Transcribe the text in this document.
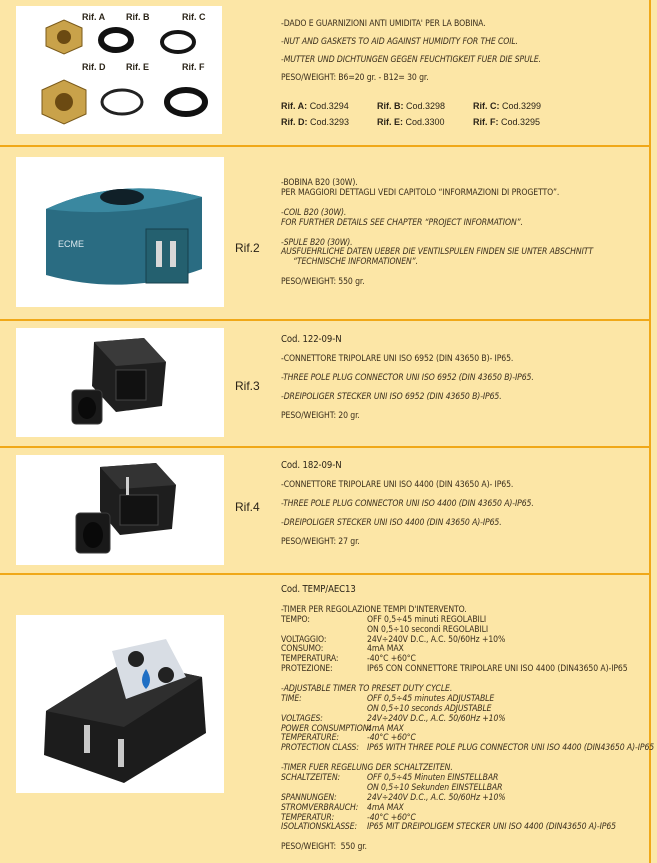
Rif. A Rif. B	Rif. C
Rif. D Rif. E	Rif. F

-DADO E GUARNIZIONI ANTI UMIDITA' PER LA BOBINA.

-NUT AND GASKETS TO AID AGAINST HUMIDITY FOR THE COIL.

-MUTTER UND DICHTUNGEN GEGEN FEUCHTIGKEIT FUER DIE SPULE.

PESO/WEIGHT: B6=20 gr. - B12= 30 gr.

Rif. A: Cod.3294	Rif. B: Cod.3298	Rif. C: Cod.3299
Rif. D: Cod.3293	Rif. E: Cod.3300	Rif. F: Cod.3295
ECME	Rif.2

-BOBINA B20 (30W).

PER MAGGIORI DETTAGLI VEDI CAPITOLO “INFORMAZIONI DI PROGETTO”.

-COIL B20 (30W).

FOR FURTHER DETAILS SEE CHAPTER “PROJECT INFORMATION”.

-SPULE B20 (30W).

AUSFUEHRLICHE DATEN UEBER DIE VENTILSPULEN FINDEN SIE UNTER ABSCHNITT

“TECHNISCHE INFORMATIONEN”.

PESO/WEIGHT: 550 gr.

Rif.3

Cod. 122-09-N

-CONNETTORE TRIPOLARE UNI ISO 6952 (DIN 43650 B)- IP65.

-THREE POLE PLUG CONNECTOR UNI ISO 6952 (DIN 43650 B)-IP65.

-DREIPOLIGER STECKER UNI ISO 6952 (DIN 43650 B)-IP65.

PESO/WEIGHT: 20 gr.

Rif.4

Cod. 182-09-N

-CONNETTORE TRIPOLARE UNI ISO 4400 (DIN 43650 A)- IP65.

-THREE POLE PLUG CONNECTOR UNI ISO 4400 (DIN 43650 A)-IP65.

-DREIPOLIGER STECKER UNI ISO 4400 (DIN 43650 A)-IP65.

PESO/WEIGHT: 27 gr.

Cod. TEMP/AEC13

-TIMER PER REGOLAZIONE TEMPI D'INTERVENTO.

TEMPO:	OFF 0,5÷45 minuti REGOLABILI
ON 0,5÷10 secondi REGOLABILI
VOLTAGGIO:	24V÷240V D.C., A.C. 50/60Hz +10%
CONSUMO:	4mA MAX
TEMPERATURA:	-40°C +60°C
PROTEZIONE:	IP65 CON CONNETTORE TRIPOLARE UNI ISO 4400 (DIN43650 A)-IP65

-ADJUSTABLE TIMER TO PRESET DUTY CYCLE.

TIME:	OFF 0,5÷45 minutes ADJUSTABLE
ON 0,5÷10 seconds ADJUSTABLE
VOLTAGES:	24V÷240V D.C., A.C. 50/60Hz +10%
POWER CONSUMPTION:
4mA MAX
TEMPERATURE:	-40°C +60°C
PROTECTION CLASS: IP65 WITH THREE POLE PLUG CONNECTOR UNI ISO 4400 (DIN43650 A)-IP65

-TIMER FUER REGELUNG DER SCHALTZEITEN.

SCHALTZEITEN:	OFF 0,5÷45 Minuten EINSTELLBAR
ON 0,5÷10 Sekunden EINSTELLBAR
SPANNUNGEN:	24V÷240V D.C., A.C. 50/60Hz +10%
STROMVERBRAUCH:	4mA MAX
TEMPERATUR:	-40°C +60°C
ISOLATIONSKLASSE:	IP65 MIT DREIPOLIGEM STECKER UNI ISO 4400 (DIN43650 A)-IP65

PESO/WEIGHT:  550 gr.
